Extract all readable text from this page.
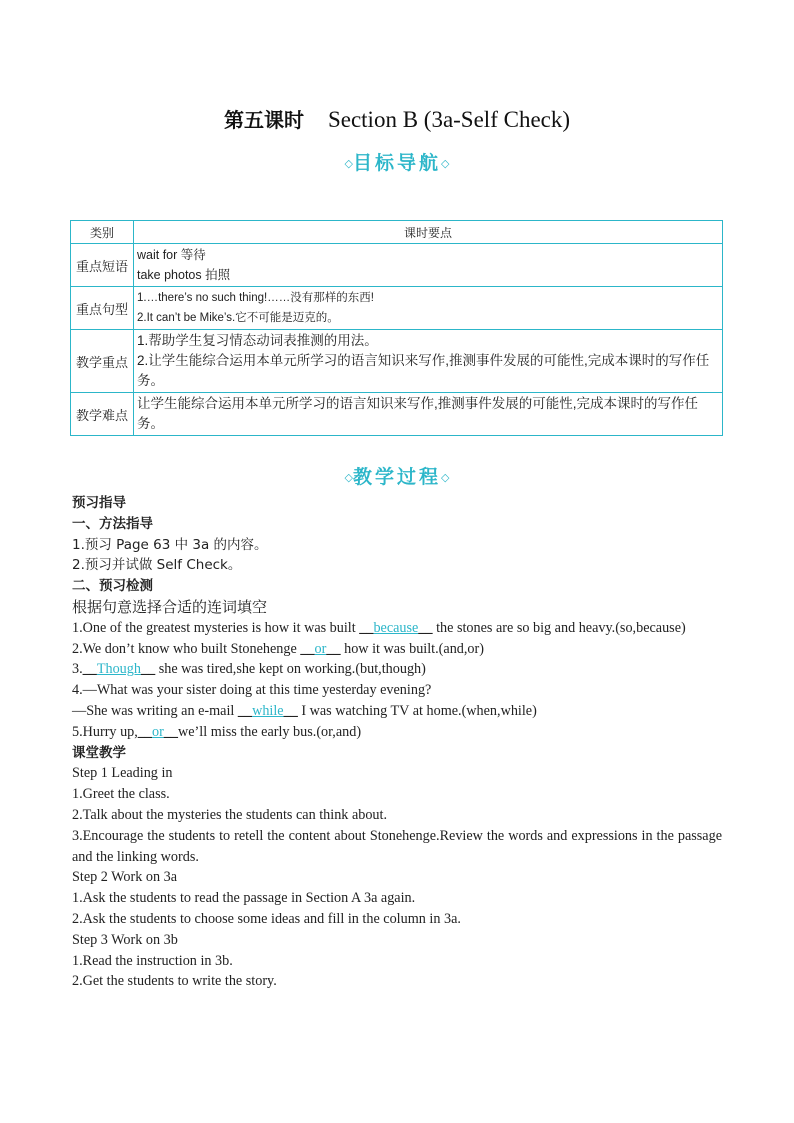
第五课时 Section B (3a-Self Check)
◇目标导航◇
类别	课时要点
重点短语	wait for 等待
take photos 拍照

重点句型	1.…there’s no such thing!……没有那样的东西!
2.It can’t be Mike’s.它不可能是迈克的。

教学重点	1.帮助学生复习情态动词表推测的用法。
2.让学生能综合运用本单元所学习的语言知识来写作,推测事件发展的可能性,完成本课时的写作任务。

教学难点	让学生能综合运用本单元所学习的语言知识来写作,推测事件发展的可能性,完成本课时的写作任务。
◇教学过程◇
预习指导
一、方法指导
1.预习 Page 63 中 3a 的内容。
2.预习并试做 Self Check。
二、预习检测
根据句意选择合适的连词填空
1.One of the greatest mysteries is how it was built __because__ the stones are so big and heavy.(so,because)
2.We don’t know who built Stonehenge __or__ how it was built.(and,or)
3.__Though__ she was tired,she kept on working.(but,though)
4.—What was your sister doing at this time yesterday evening?
—She was writing an e-mail __while__ I was watching TV at home.(when,while)
5.Hurry up,__or__we’ll miss the early bus.(or,and)
课堂教学
Step 1 Leading in
1.Greet the class.
2.Talk about the mysteries the students can think about.
3.Encourage the students to retell the content about Stonehenge.Review the words and expressions in the passage and the linking words.
Step 2 Work on 3a
1.Ask the students to read the passage in Section A 3a again.
2.Ask the students to choose some ideas and fill in the column in 3a.
Step 3 Work on 3b
1.Read the instruction in 3b.
2.Get the students to write the story.
